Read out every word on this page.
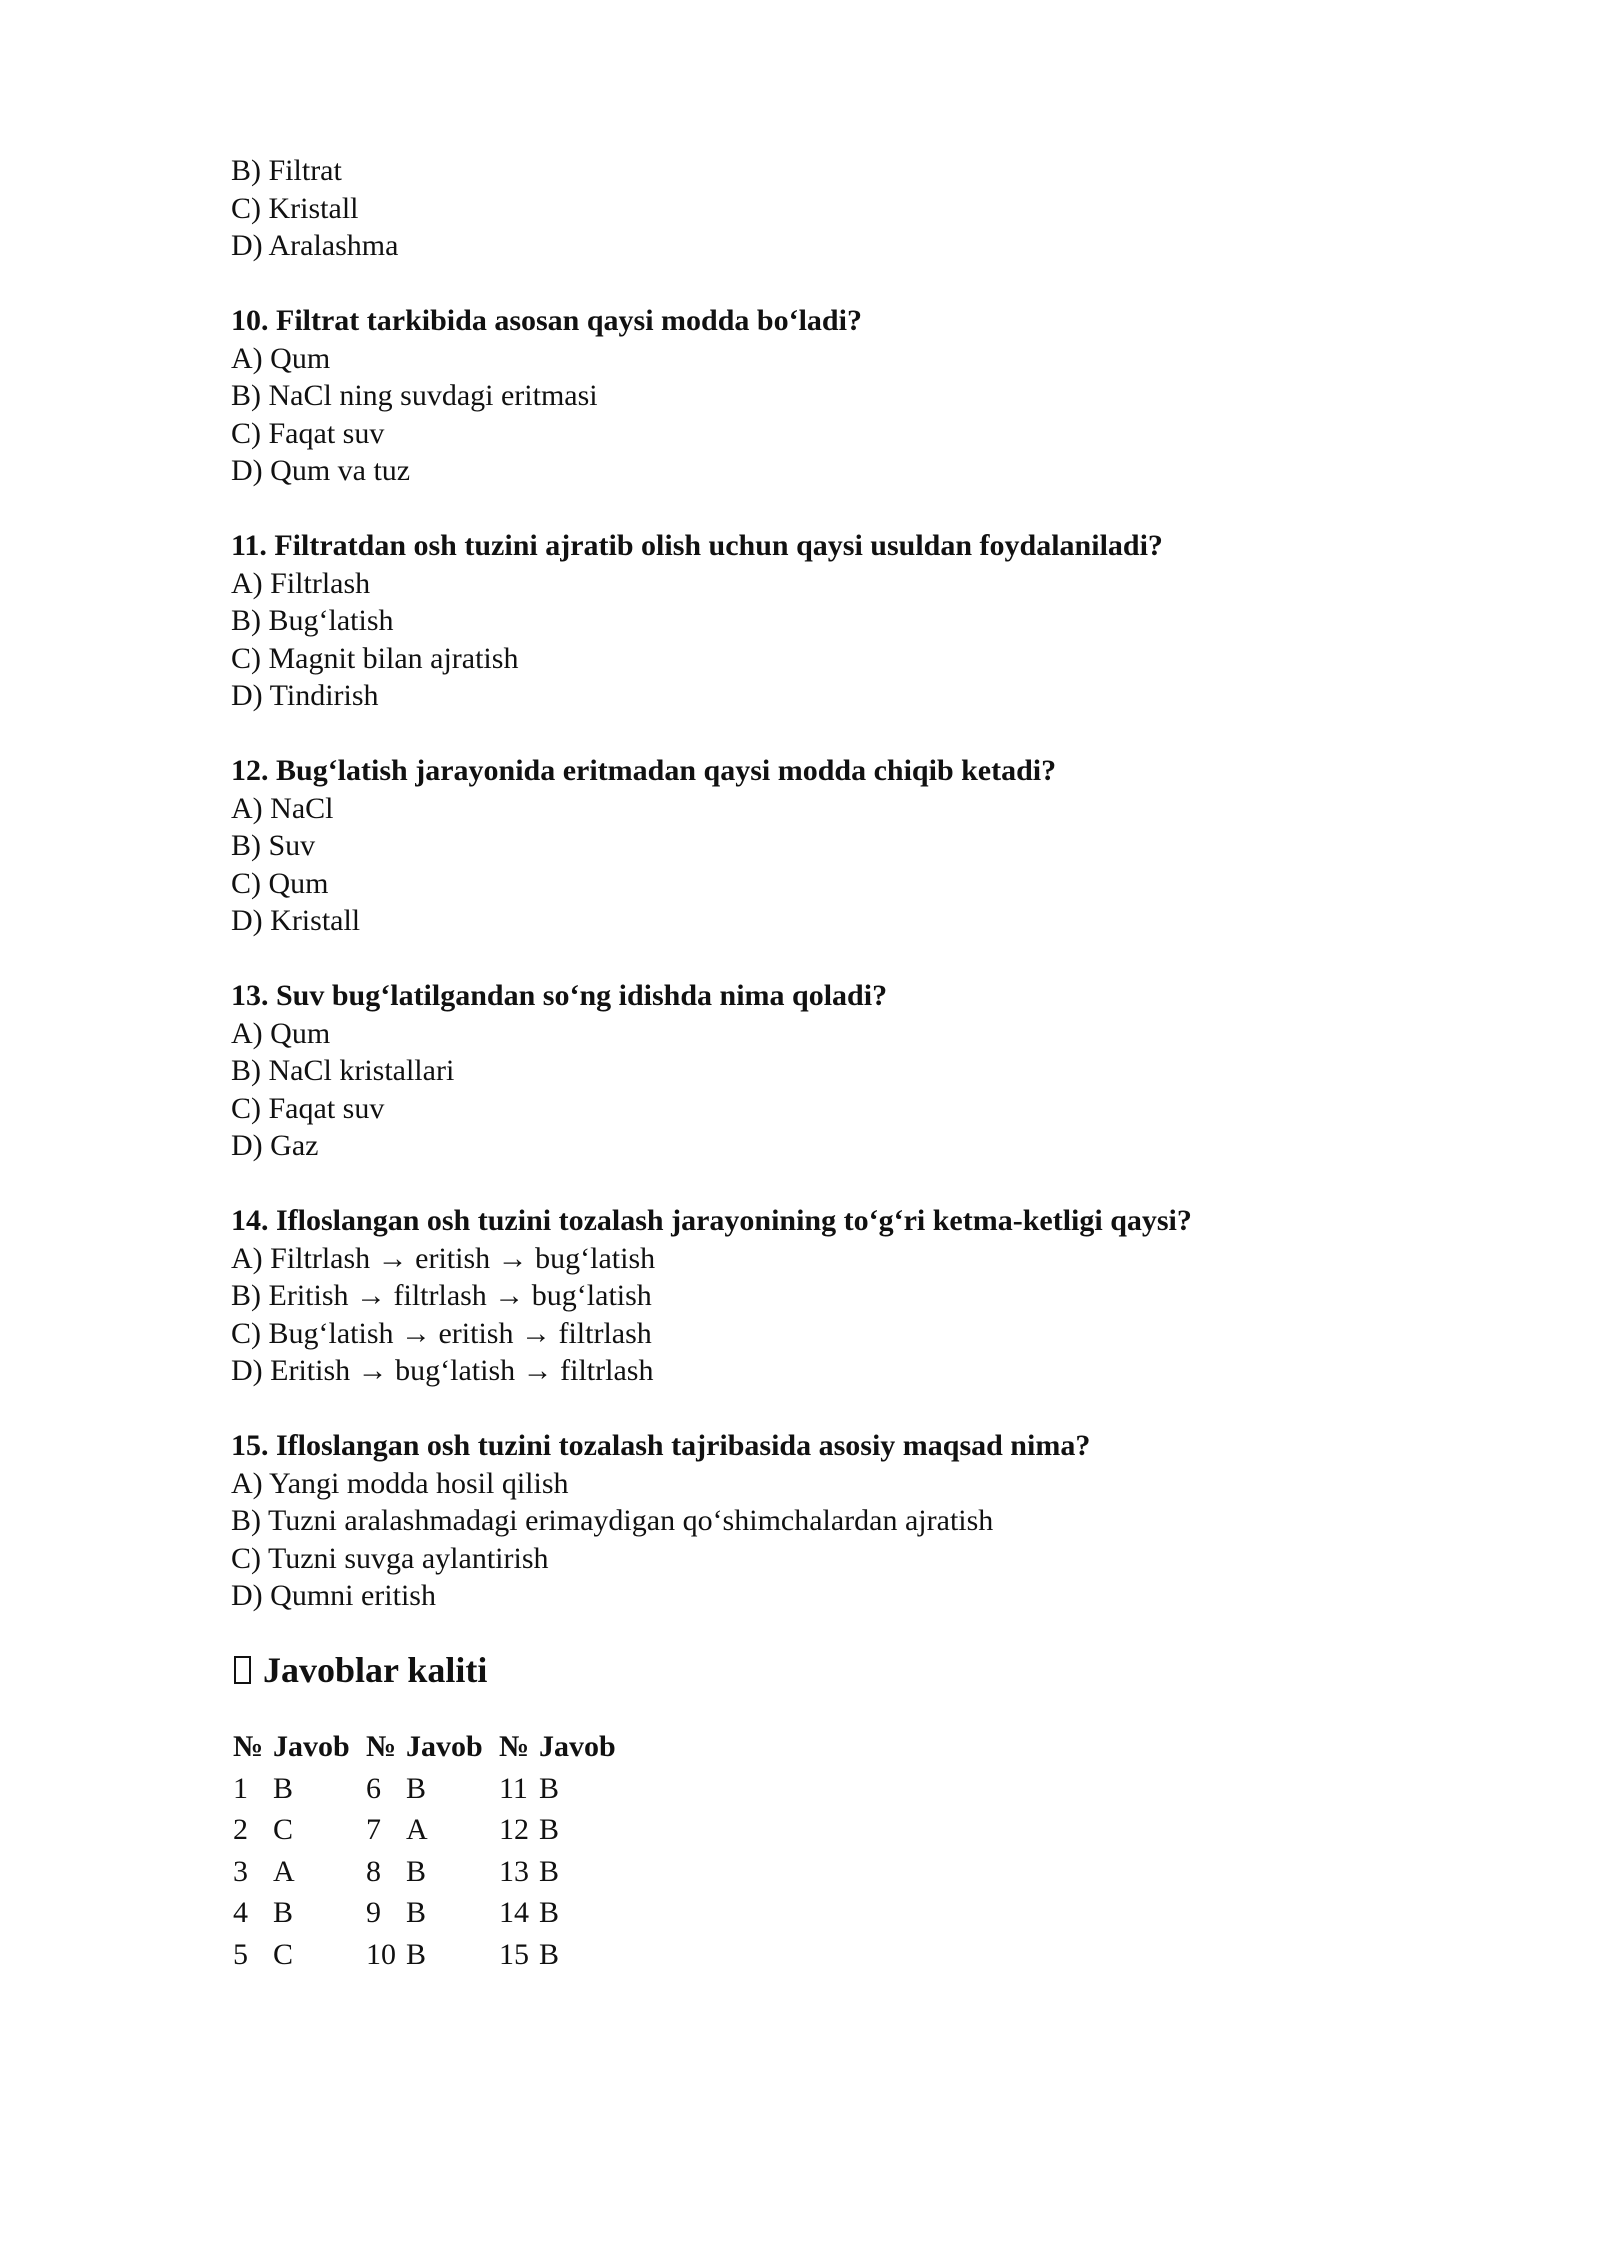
B) Filtrat
C) Kristall
D) Aralashma
10. Filtrat tarkibida asosan qaysi modda bo‘ladi?
A) Qum
B) NaCl ning suvdagi eritmasi
C) Faqat suv
D) Qum va tuz
11. Filtratdan osh tuzini ajratib olish uchun qaysi usuldan foydalaniladi?
A) Filtrlash
B) Bug‘latish
C) Magnit bilan ajratish
D) Tindirish
12. Bug‘latish jarayonida eritmadan qaysi modda chiqib ketadi?
A) NaCl
B) Suv
C) Qum
D) Kristall
13. Suv bug‘latilgandan so‘ng idishda nima qoladi?
A) Qum
B) NaCl kristallari
C) Faqat suv
D) Gaz
14. Ifloslangan osh tuzini tozalash jarayonining to‘g‘ri ketma-ketligi qaysi?
A) Filtrlash → eritish → bug‘latish
B) Eritish → filtrlash → bug‘latish
C) Bug‘latish → eritish → filtrlash
D) Eritish → bug‘latish → filtrlash
15. Ifloslangan osh tuzini tozalash tajribasida asosiy maqsad nima?
A) Yangi modda hosil qilish
B) Tuzni aralashmadagi erimaydigan qo‘shimchalardan ajratish
C) Tuzni suvga aylantirish
D) Qumni eritish
Javoblar kaliti
№	Javob	№	Javob	№	Javob
1	B	6	B	11	B
2	C	7	A	12	B
3	A	8	B	13	B
4	B	9	B	14	B
5	C	10	B	15	B
